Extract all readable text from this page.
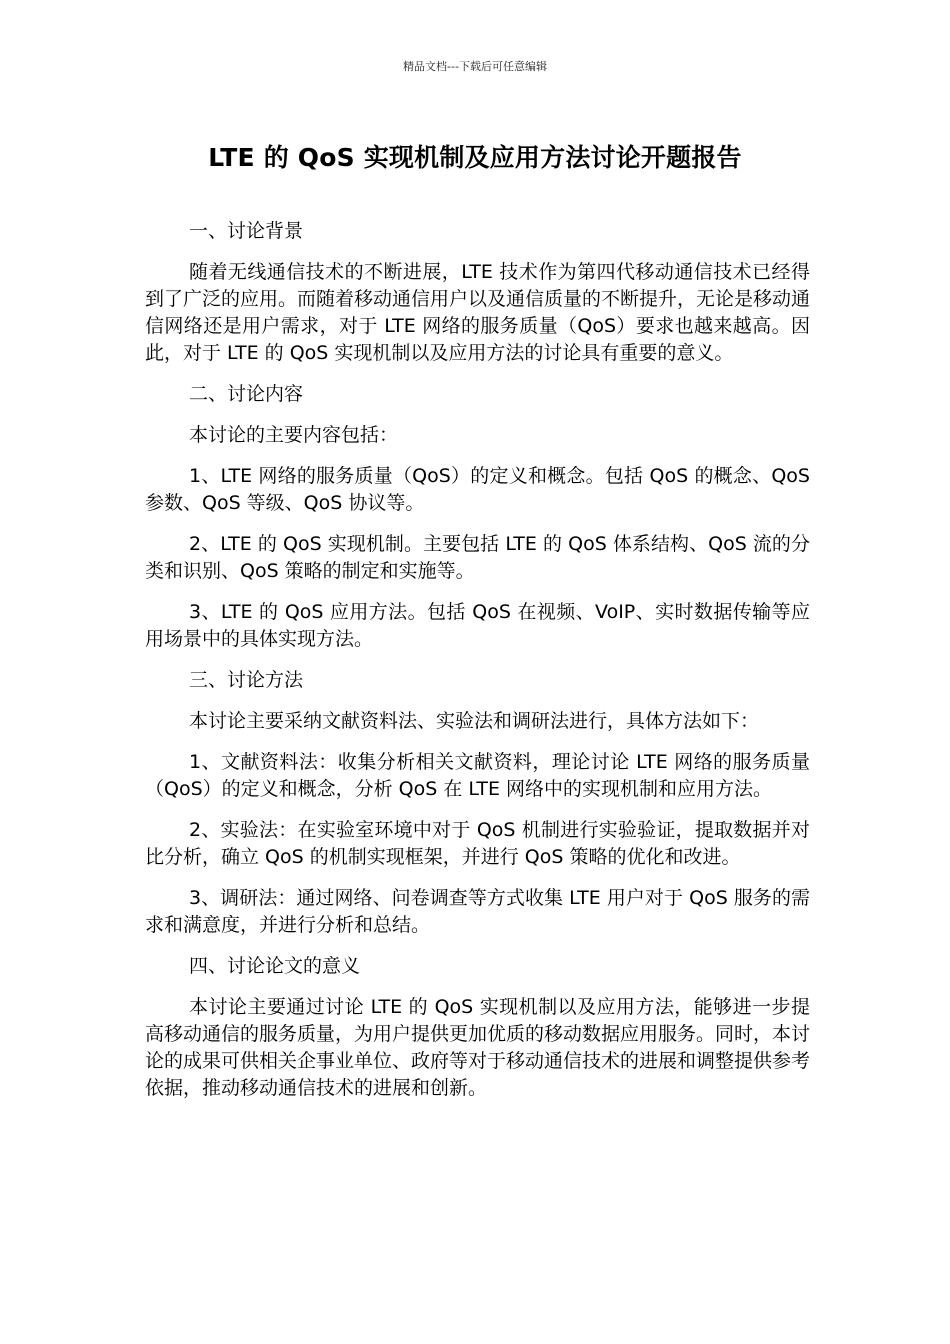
精品文档---下载后可任意编辑
LTE 的 QoS 实现机制及应用方法讨论开题报告
一、讨论背景
随着无线通信技术的不断进展，LTE 技术作为第四代移动通信技术已经得到了广泛的应用。而随着移动通信用户以及通信质量的不断提升，无论是移动通信网络还是用户需求，对于 LTE 网络的服务质量（QoS）要求也越来越高。因此，对于 LTE 的 QoS 实现机制以及应用方法的讨论具有重要的意义。
二、讨论内容
本讨论的主要内容包括：
1、LTE 网络的服务质量（QoS）的定义和概念。包括 QoS 的概念、QoS 参数、QoS 等级、QoS 协议等。
2、LTE 的 QoS 实现机制。主要包括 LTE 的 QoS 体系结构、QoS 流的分类和识别、QoS 策略的制定和实施等。
3、LTE 的 QoS 应用方法。包括 QoS 在视频、VoIP、实时数据传输等应用场景中的具体实现方法。
三、讨论方法
本讨论主要采纳文献资料法、实验法和调研法进行，具体方法如下：
1、文献资料法：收集分析相关文献资料，理论讨论 LTE 网络的服务质量（QoS）的定义和概念，分析 QoS 在 LTE 网络中的实现机制和应用方法。
2、实验法：在实验室环境中对于 QoS 机制进行实验验证，提取数据并对比分析，确立 QoS 的机制实现框架，并进行 QoS 策略的优化和改进。
3、调研法：通过网络、问卷调查等方式收集 LTE 用户对于 QoS 服务的需求和满意度，并进行分析和总结。
四、讨论论文的意义
本讨论主要通过讨论 LTE 的 QoS 实现机制以及应用方法，能够进一步提高移动通信的服务质量，为用户提供更加优质的移动数据应用服务。同时，本讨论的成果可供相关企事业单位、政府等对于移动通信技术的进展和调整提供参考依据，推动移动通信技术的进展和创新。
